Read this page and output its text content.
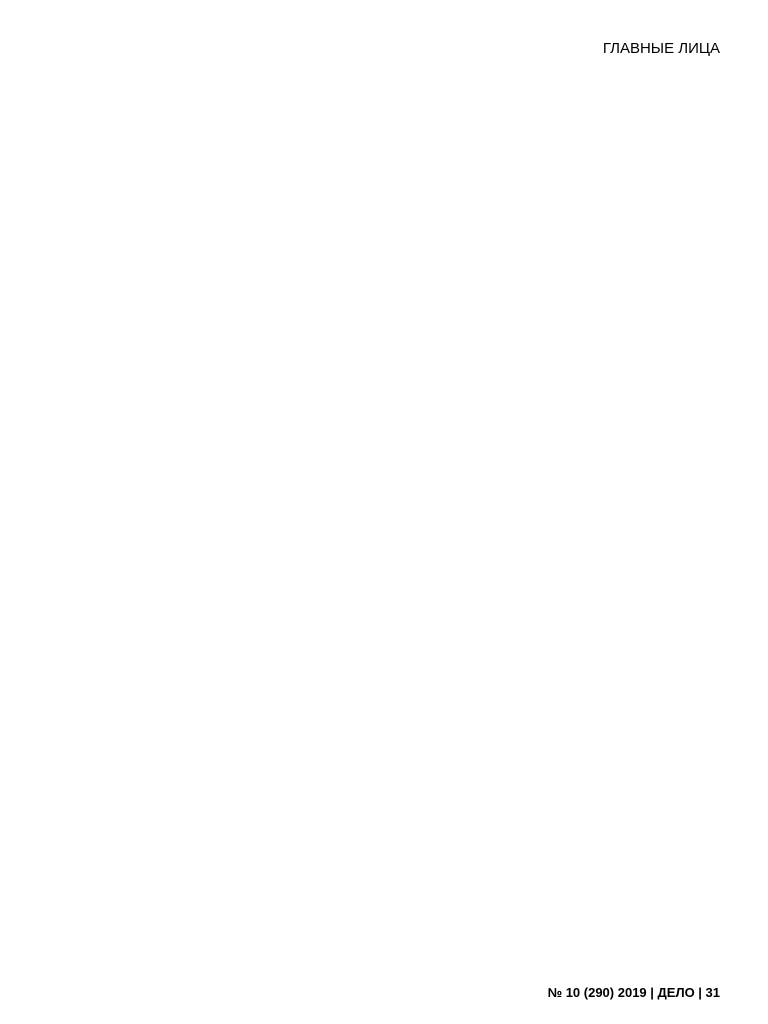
ГЛАВНЫЕ ЛИЦА
№ 10 (290) 2019 | ДЕЛО | 31
